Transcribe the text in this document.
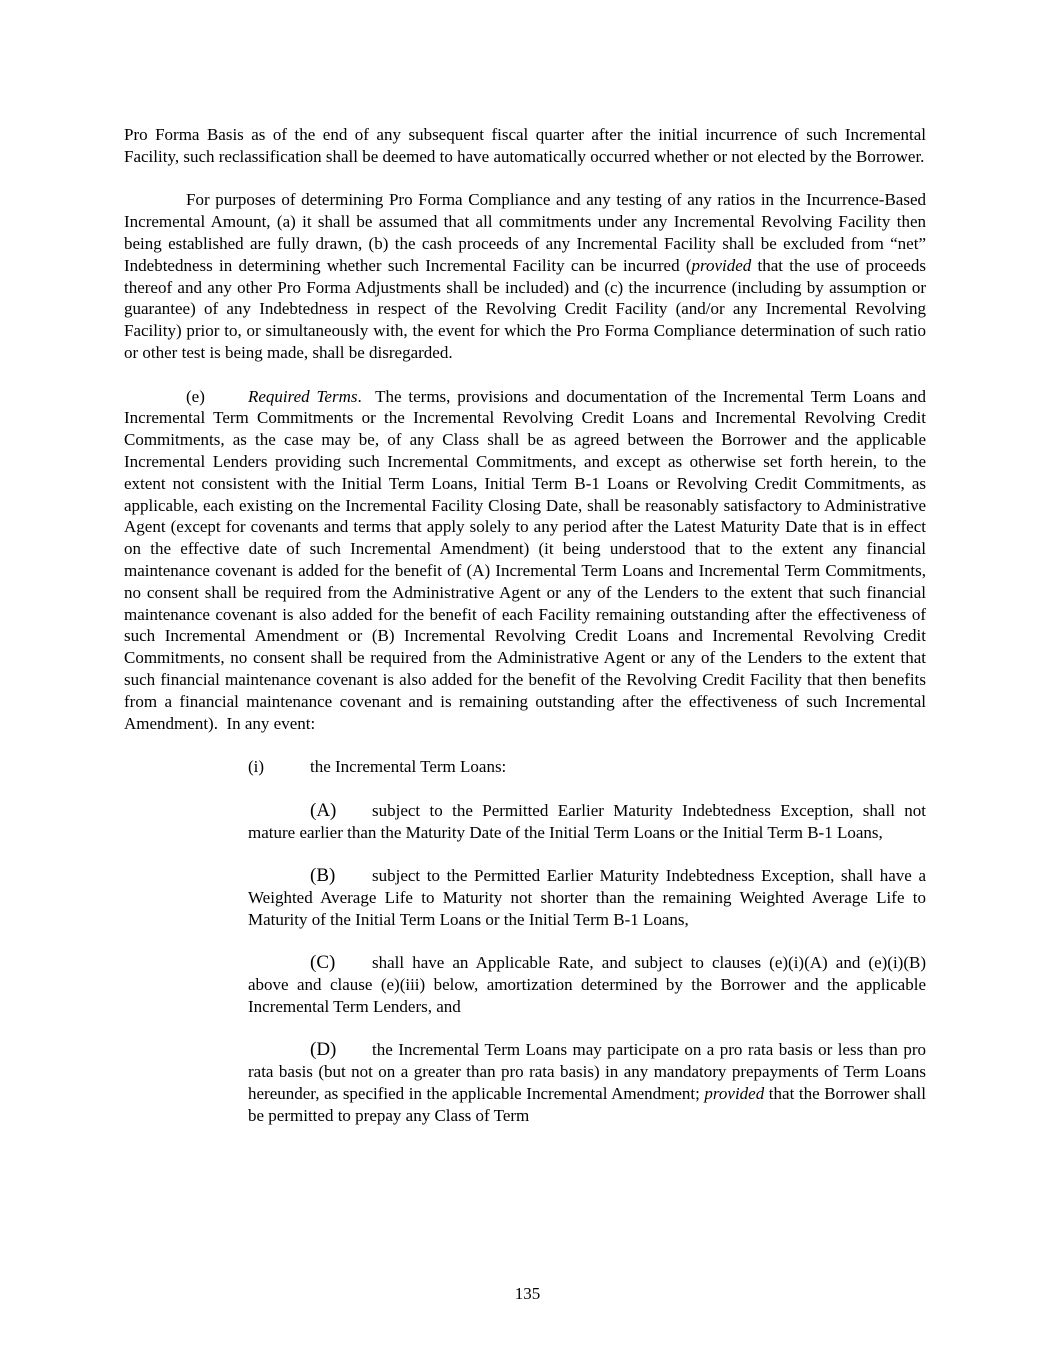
Pro Forma Basis as of the end of any subsequent fiscal quarter after the initial incurrence of such Incremental Facility, such reclassification shall be deemed to have automatically occurred whether or not elected by the Borrower.

For purposes of determining Pro Forma Compliance and any testing of any ratios in the Incurrence-Based Incremental Amount, (a) it shall be assumed that all commitments under any Incremental Revolving Facility then being established are fully drawn, (b) the cash proceeds of any Incremental Facility shall be excluded from “net” Indebtedness in determining whether such Incremental Facility can be incurred (provided that the use of proceeds thereof and any other Pro Forma Adjustments shall be included) and (c) the incurrence (including by assumption or guarantee) of any Indebtedness in respect of the Revolving Credit Facility (and/or any Incremental Revolving Facility) prior to, or simultaneously with, the event for which the Pro Forma Compliance determination of such ratio or other test is being made, shall be disregarded.

(e)	Required Terms.  The terms, provisions and documentation of the Incremental Term Loans and Incremental Term Commitments or the Incremental Revolving Credit Loans and Incremental Revolving Credit Commitments, as the case may be, of any Class shall be as agreed between the Borrower and the applicable Incremental Lenders providing such Incremental Commitments, and except as otherwise set forth herein, to the extent not consistent with the Initial Term Loans, Initial Term B-1 Loans or Revolving Credit Commitments, as applicable, each existing on the Incremental Facility Closing Date, shall be reasonably satisfactory to Administrative Agent (except for covenants and terms that apply solely to any period after the Latest Maturity Date that is in effect on the effective date of such Incremental Amendment) (it being understood that to the extent any financial maintenance covenant is added for the benefit of (A) Incremental Term Loans and Incremental Term Commitments, no consent shall be required from the Administrative Agent or any of the Lenders to the extent that such financial maintenance covenant is also added for the benefit of each Facility remaining outstanding after the effectiveness of such Incremental Amendment or (B) Incremental Revolving Credit Loans and Incremental Revolving Credit Commitments, no consent shall be required from the Administrative Agent or any of the Lenders to the extent that such financial maintenance covenant is also added for the benefit of the Revolving Credit Facility that then benefits from a financial maintenance covenant and is remaining outstanding after the effectiveness of such Incremental Amendment).  In any event:

(i)	the Incremental Term Loans:

(A) subject to the Permitted Earlier Maturity Indebtedness Exception, shall not mature earlier than the Maturity Date of the Initial Term Loans or the Initial Term B-1 Loans,

(B) subject to the Permitted Earlier Maturity Indebtedness Exception, shall have a Weighted Average Life to Maturity not shorter than the remaining Weighted Average Life to Maturity of the Initial Term Loans or the Initial Term B-1 Loans,

(C) shall have an Applicable Rate, and subject to clauses (e)(i)(A) and (e)(i)(B) above and clause (e)(iii) below, amortization determined by the Borrower and the applicable Incremental Term Lenders, and

(D) the Incremental Term Loans may participate on a pro rata basis or less than pro rata basis (but not on a greater than pro rata basis) in any mandatory prepayments of Term Loans hereunder, as specified in the applicable Incremental Amendment; provided that the Borrower shall be permitted to prepay any Class of Term

135
